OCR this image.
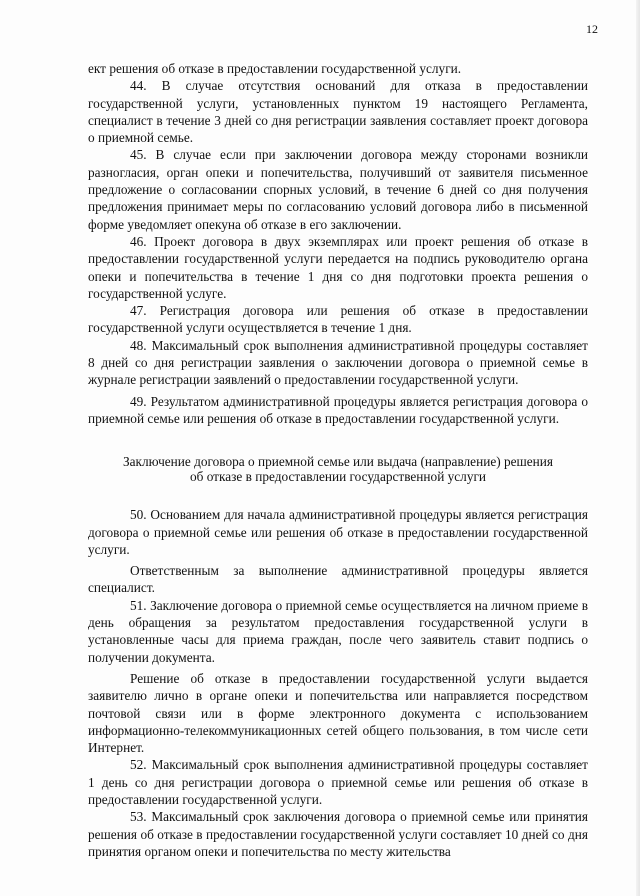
12

ект решения об отказе в предоставлении государственной услуги.

44. В случае отсутствия оснований для отказа в предоставлении государственной услуги, установленных пунктом 19 настоящего Регламента, специалист в течение 3 дней со дня регистрации заявления составляет проект договора о приемной семье.

45. В случае если при заключении договора между сторонами возникли разногласия, орган опеки и попечительства, получивший от заявителя письменное предложение о согласовании спорных условий, в течение 6 дней со дня получения предложения принимает меры по согласованию условий договора либо в письменной форме уведомляет опекуна об отказе в его заключении.

46. Проект договора в двух экземплярах или проект решения об отказе в предоставлении государственной услуги передается на подпись руководителю органа опеки и попечительства в течение 1 дня со дня подготовки проекта решения о государственной услуге.

47. Регистрация договора или решения об отказе в предоставлении государственной услуги осуществляется в течение 1 дня.

48. Максимальный срок выполнения административной процедуры составляет 8 дней со дня регистрации заявления о заключении договора о приемной семье в журнале регистрации заявлений о предоставлении государственной услуги.

49. Результатом административной процедуры является регистрация договора о приемной семье или решения об отказе в предоставлении государственной услуги.

Заключение договора о приемной семье или выдача (направление) решения
об отказе в предоставлении государственной услуги

50. Основанием для начала административной процедуры является регистрация договора о приемной семье или решения об отказе в предоставлении государственной услуги.

Ответственным за выполнение административной процедуры является специалист.

51. Заключение договора о приемной семье осуществляется на личном приеме в день обращения за результатом предоставления государственной услуги в установленные часы для приема граждан, после чего заявитель ставит подпись о получении документа.

Решение об отказе в предоставлении государственной услуги выдается заявителю лично в органе опеки и попечительства или направляется посредством почтовой связи или в форме электронного документа с использованием информационно-телекоммуникационных сетей общего пользования, в том числе сети Интернет.

52. Максимальный срок выполнения административной процедуры составляет 1 день со дня регистрации договора о приемной семье или решения об отказе в предоставлении государственной услуги.

53. Максимальный срок заключения договора о приемной семье или принятия решения об отказе в предоставлении государственной услуги составляет 10 дней со дня принятия органом опеки и попечительства по месту жительства
